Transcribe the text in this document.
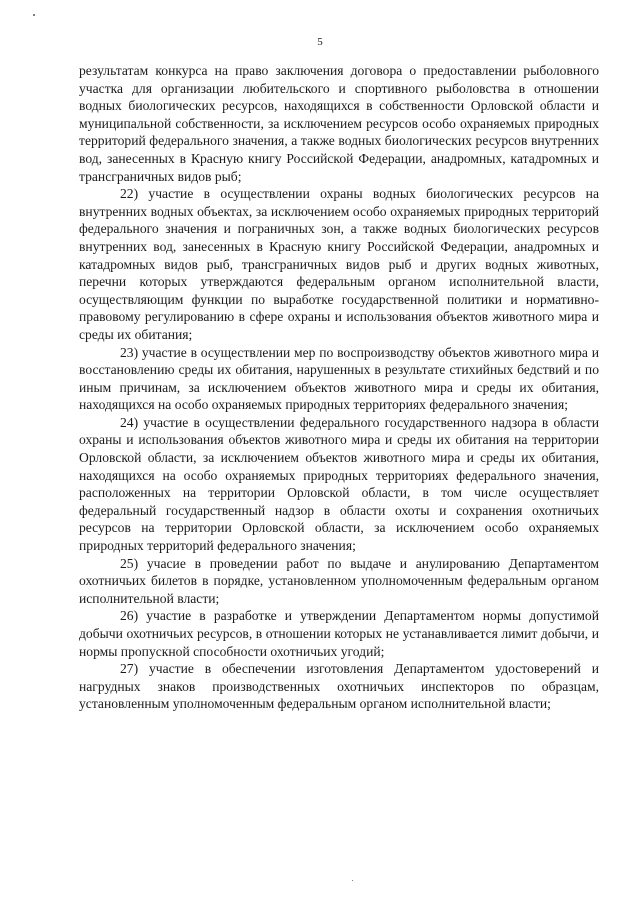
5

результатам конкурса на право заключения договора о предоставлении рыболовного участка для организации любительского и спортивного рыболовства в отношении водных биологических ресурсов, находящихся в собственности Орловской области и муниципальной собственности, за исключением ресурсов особо охраняемых природных территорий федерального значения, а также водных биологических ресурсов внутренних вод, занесенных в Красную книгу Российской Федерации, анадромных, катадромных и трансграничных видов рыб;

22) участие в осуществлении охраны водных биологических ресурсов на внутренних водных объектах, за исключением особо охраняемых природных территорий федерального значения и пограничных зон, а также водных биологических ресурсов внутренних вод, занесенных в Красную книгу Российской Федерации, анадромных и катадромных видов рыб, трансграничных видов рыб и других водных животных, перечни которых утверждаются федеральным органом исполнительной власти, осуществляющим функции по выработке государственной политики и нормативно-правовому регулированию в сфере охраны и использования объектов животного мира и среды их обитания;

23) участие в осуществлении мер по воспроизводству объектов животного мира и восстановлению среды их обитания, нарушенных в результате стихийных бедствий и по иным причинам, за исключением объектов животного мира и среды их обитания, находящихся на особо охраняемых природных территориях федерального значения;

24) участие в осуществлении федерального государственного надзора в области охраны и использования объектов животного мира и среды их обитания на территории Орловской области, за исключением объектов животного мира и среды их обитания, находящихся на особо охраняемых природных территориях федерального значения, расположенных на территории Орловской области, в том числе осуществляет федеральный государственный надзор в области охоты и сохранения охотничьих ресурсов на территории Орловской области, за исключением особо охраняемых природных территорий федерального значения;

25) учасие в проведении работ по выдаче и анулированию Департаментом охотничьих билетов в порядке, установленном уполномоченным федеральным органом исполнительной власти;

26) участие в разработке и утверждении Департаментом нормы допустимой добычи охотничьих ресурсов, в отношении которых не устанавливается лимит добычи, и нормы пропускной способности охотничьих угодий;

27) участие в обеспечении изготовления Департаментом удостоверений и нагрудных знаков производственных охотничьих инспекторов по образцам, установленным уполномоченным федеральным органом исполнительной власти;
